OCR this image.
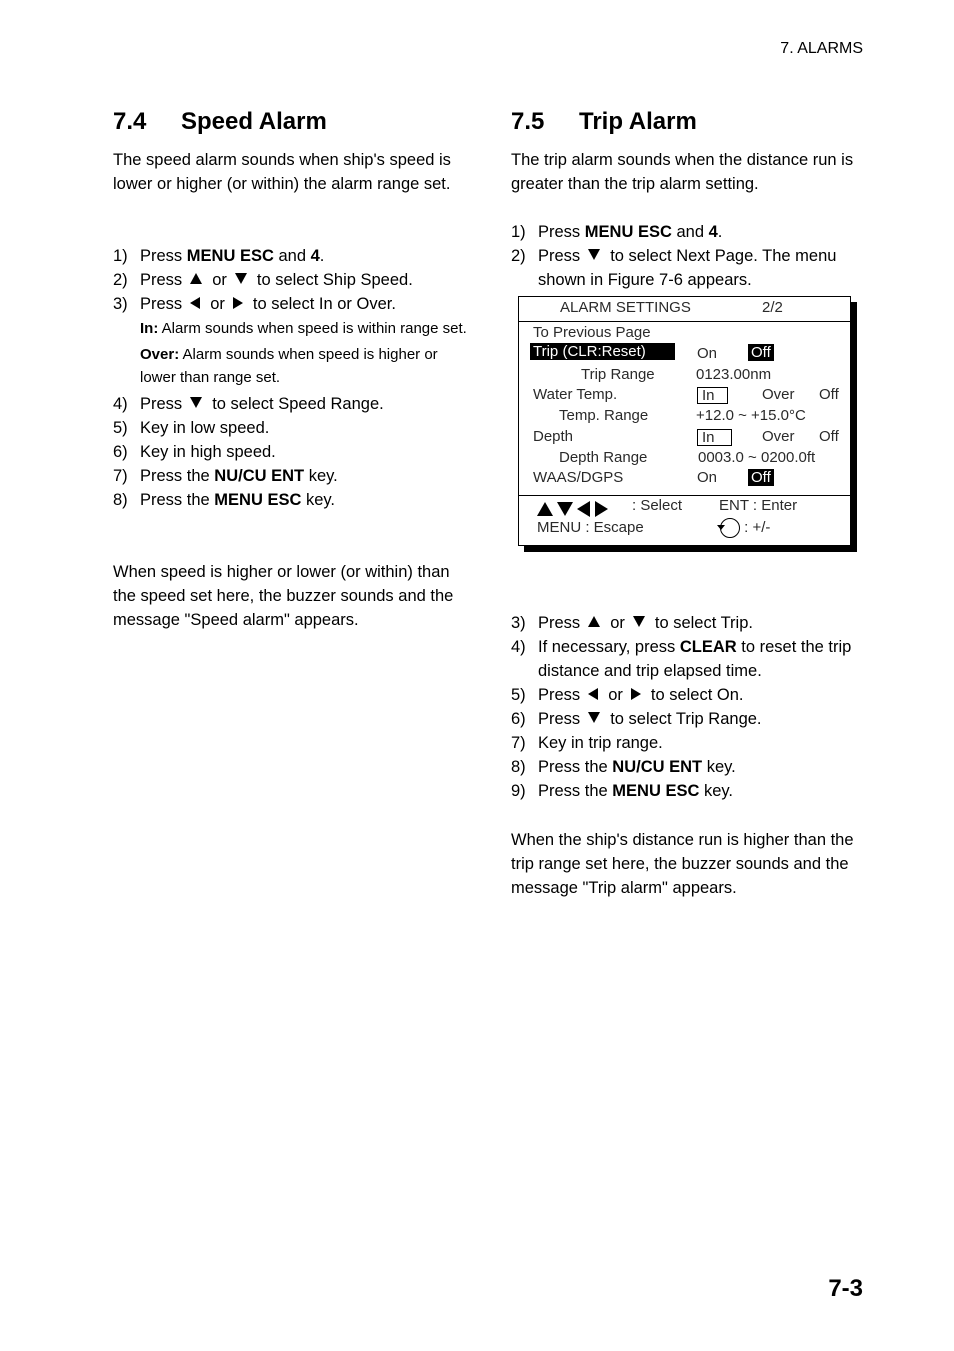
7. ALARMS
7.4 Speed Alarm
The speed alarm sounds when ship's speed is lower or higher (or within) the alarm range set.
1) Press MENU ESC and 4.
2) Press or to select Ship Speed.
3) Press or to select In or Over.
In: Alarm sounds when speed is within range set.
Over: Alarm sounds when speed is higher or lower than range set.
4) Press to select Speed Range.
5) Key in low speed.
6) Key in high speed.
7) Press the NU/CU ENT key.
8) Press the MENU ESC key.
When speed is higher or lower (or within) than the speed set here, the buzzer sounds and the message "Speed alarm" appears.
7.5 Trip Alarm
The trip alarm sounds when the distance run is greater than the trip alarm setting.
1) Press MENU ESC and 4.
2) Press to select Next Page. The menu shown in Figure 7-6 appears.
ALARM SETTINGS	2/2
To Previous Page
Trip (CLR:Reset)	On Off
Trip Range	0123.00nm
Water Temp.	In	Over Off
Temp. Range	+12.0 ~ +15.0°C
Depth	In	Over Off
Depth Range	0003.0 ~ 0200.0ft
WAAS/DGPS	On Off

: Select ENT : Enter
MENU : Escape	: +/-
3) Press or to select Trip.
4) If necessary, press CLEAR to reset the trip distance and trip elapsed time.
5) Press or to select On.
6) Press to select Trip Range.
7) Key in trip range.
8) Press the NU/CU ENT key.
9) Press the MENU ESC key.
When the ship's distance run is higher than the trip range set here, the buzzer sounds and the message "Trip alarm" appears.
7-3
